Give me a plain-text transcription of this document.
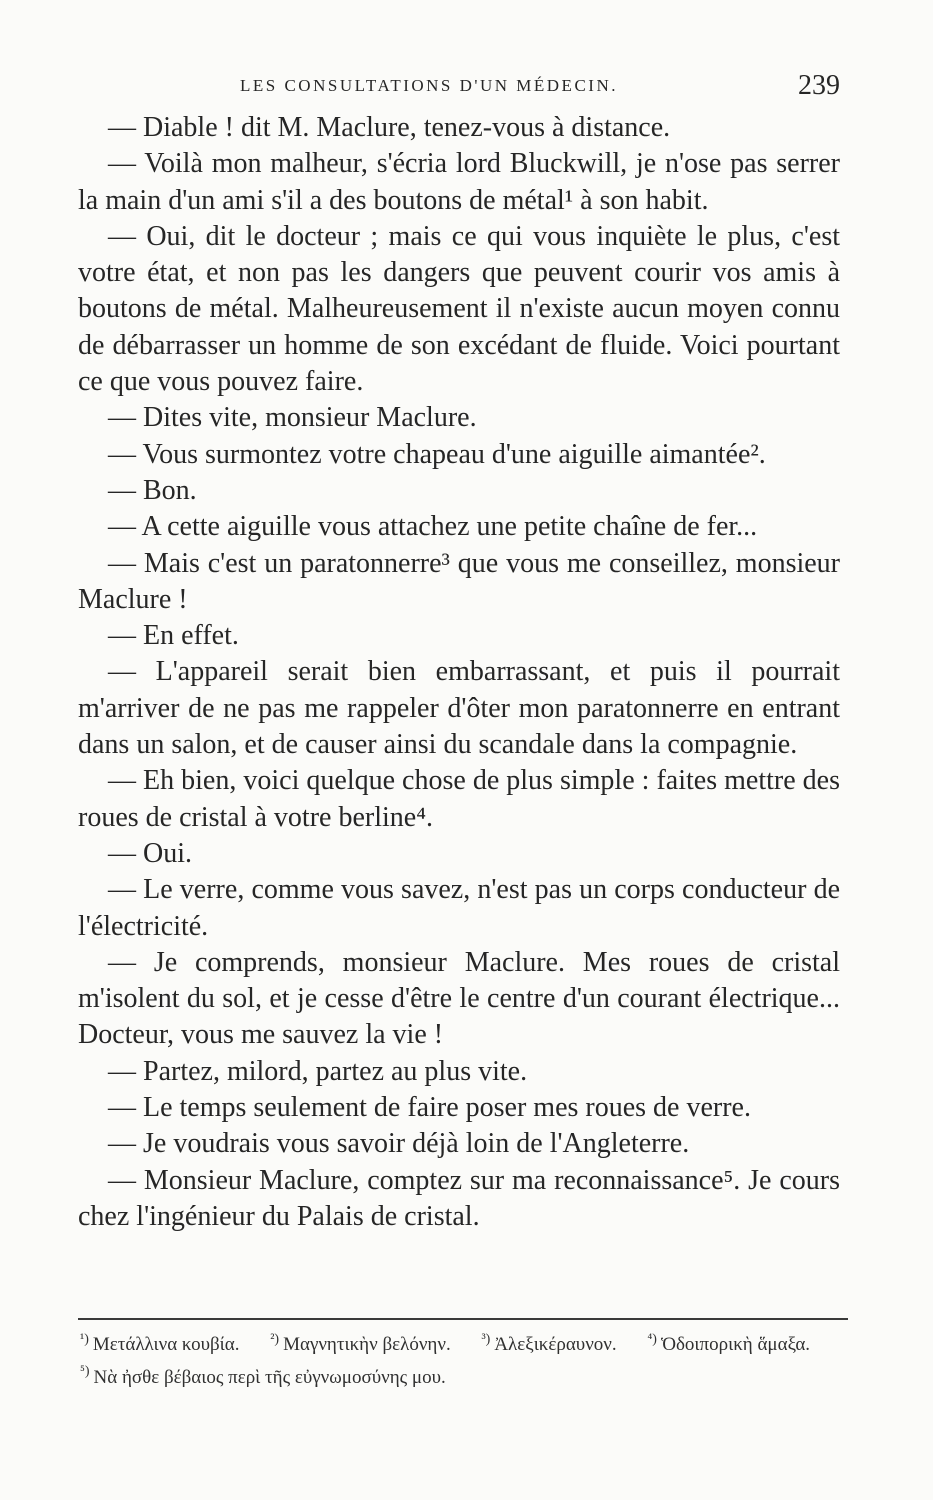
LES CONSULTATIONS D'UN MÉDECIN.	239

— Diable ! dit M. Maclure, tenez-vous à distance.

— Voilà mon malheur, s'écria lord Bluckwill, je n'ose pas serrer la main d'un ami s'il a des boutons de métal¹ à son habit.

— Oui, dit le docteur ; mais ce qui vous inquiète le plus, c'est votre état, et non pas les dangers que peuvent courir vos amis à boutons de métal. Malheureusement il n'existe aucun moyen connu de débarrasser un homme de son excédant de fluide. Voici pourtant ce que vous pouvez faire.

— Dites vite, monsieur Maclure.

— Vous surmontez votre chapeau d'une aiguille aimantée².

— Bon.

— A cette aiguille vous attachez une petite chaîne de fer...

— Mais c'est un paratonnerre³ que vous me conseillez, monsieur Maclure !

— En effet.

— L'appareil serait bien embarrassant, et puis il pourrait m'arriver de ne pas me rappeler d'ôter mon paratonnerre en entrant dans un salon, et de causer ainsi du scandale dans la compagnie.

— Eh bien, voici quelque chose de plus simple : faites mettre des roues de cristal à votre berline⁴.

— Oui.

— Le verre, comme vous savez, n'est pas un corps conducteur de l'électricité.

— Je comprends, monsieur Maclure. Mes roues de cristal m'isolent du sol, et je cesse d'être le centre d'un courant électrique... Docteur, vous me sauvez la vie !

— Partez, milord, partez au plus vite.

— Le temps seulement de faire poser mes roues de verre.

— Je voudrais vous savoir déjà loin de l'Angleterre.

— Monsieur Maclure, comptez sur ma reconnaissance⁵. Je cours chez l'ingénieur du Palais de cristal.

$^{^1)}$ Μετάλλινα κουβία. $^{^2)}$ Μαγνητικὴν βελόνην. $^{^3)}$ Ἀλεξικέραυνον. $^{^4)}$ Ὁδοιπορικὴ ἅμαξα. $^{^5)}$ Νὰ ἠσθε βέβαιος περὶ τῆς εὐγνωμοσύνης μου.
